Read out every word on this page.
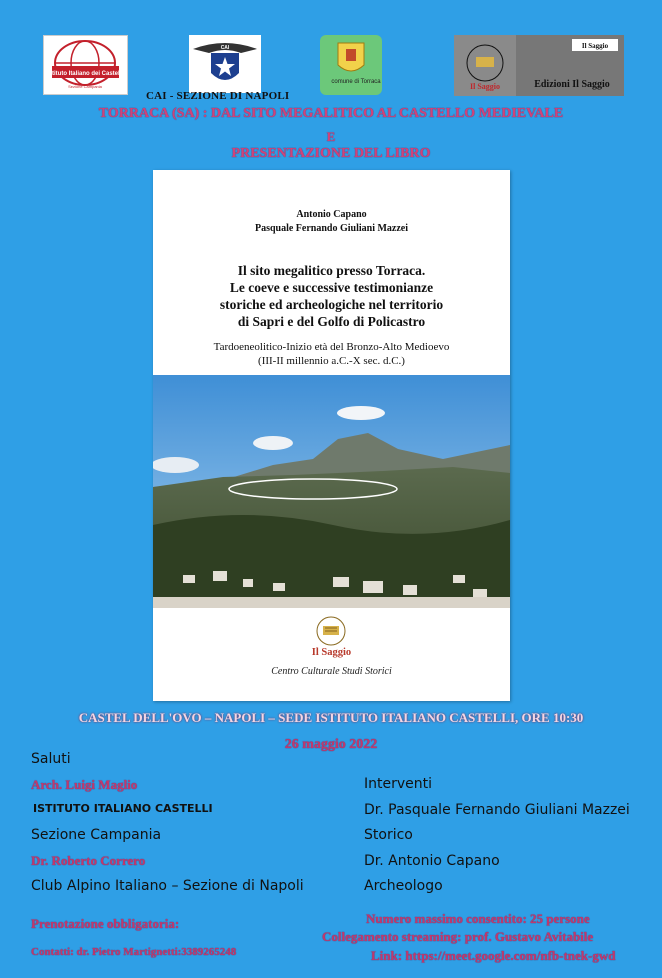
Istituto Italiano dei Castelli
Sezione Campania
CAI
comune di Torraca	Il Saggio
Il Saggio
Edizioni Il Saggio
CAI - SEZIONE DI NAPOLI
TORRACA (SA) : DAL SITO MEGALITICO AL CASTELLO MEDIEVALE
E
PRESENTAZIONE DEL LIBRO
Antonio Capano
Pasquale Fernando Giuliani Mazzei
Il sito megalitico presso Torraca.
Le coeve e successive testimonianze
storiche ed archeologiche nel territorio
di Sapri e del Golfo di Policastro
Tardoeneolitico-Inizio età del Bronzo-Alto Medioevo
(III-II millennio a.C.-X sec. d.C.)
Il Saggio
Centro Culturale Studi Storici
CASTEL DELL'OVO – NAPOLI – SEDE ISTITUTO ITALIANO CASTELLI, ORE 10:30
26 maggio 2022
Saluti
Arch. Luigi Maglio
ISTITUTO ITALIANO CASTELLI
Sezione Campania
Dr. Roberto Correro
Club Alpino Italiano – Sezione di Napoli
Interventi
Dr. Pasquale Fernando Giuliani Mazzei
Storico
Dr. Antonio Capano
Archeologo
Prenotazione obbligatoria:
Contatti: dr. Pietro Martignetti:3389265248
Numero massimo consentito: 25 persone
Collegamento streaming: prof. Gustavo Avitabile
Link: https://meet.google.com/nfb-tnek-gwd
